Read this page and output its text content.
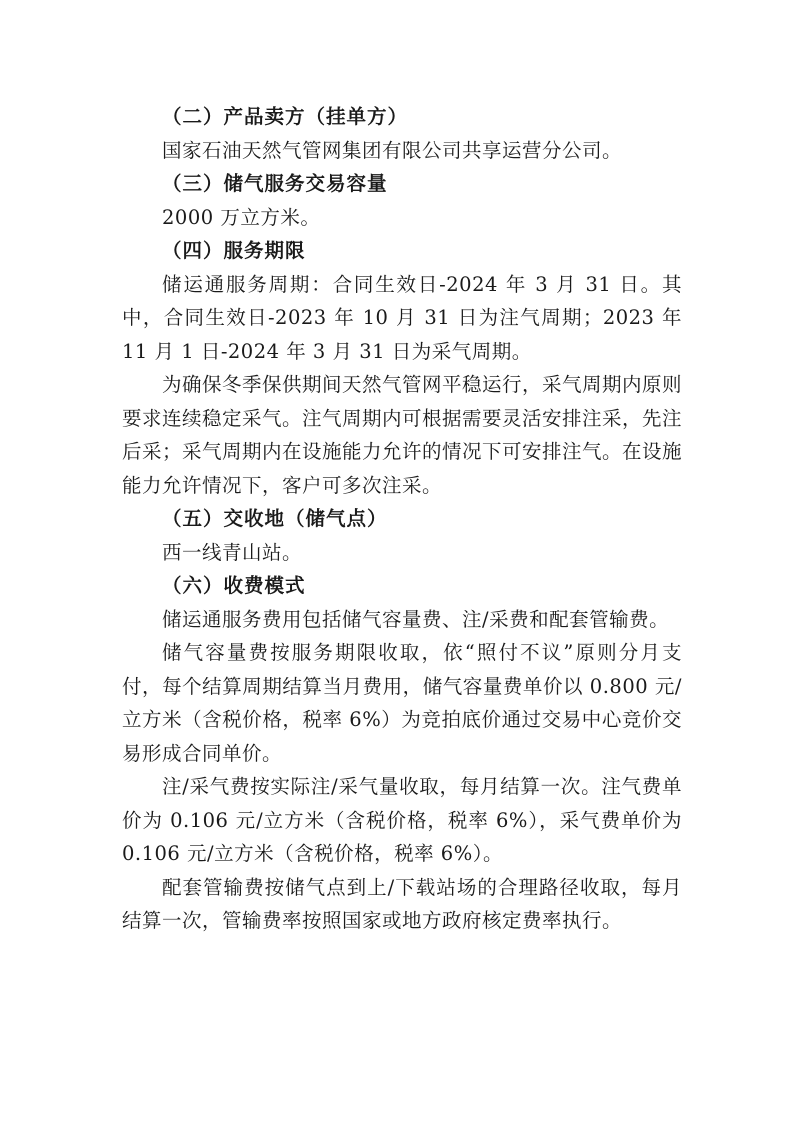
（二）产品卖方（挂单方）

国家石油天然气管网集团有限公司共享运营分公司。

（三）储气服务交易容量

2000 万立方米。

（四）服务期限

储运通服务周期：合同生效日-2024 年 3 月 31 日。其中，合同生效日-2023 年 10 月 31 日为注气周期；2023 年 11 月 1 日-2024 年 3 月 31 日为采气周期。

为确保冬季保供期间天然气管网平稳运行，采气周期内原则要求连续稳定采气。注气周期内可根据需要灵活安排注采，先注后采；采气周期内在设施能力允许的情况下可安排注气。在设施能力允许情况下，客户可多次注采。

（五）交收地（储气点）

西一线青山站。

（六）收费模式

储运通服务费用包括储气容量费、注/采费和配套管输费。

储气容量费按服务期限收取，依“照付不议”原则分月支付，每个结算周期结算当月费用，储气容量费单价以 0.800 元/立方米（含税价格，税率 6%）为竞拍底价通过交易中心竞价交易形成合同单价。

注/采气费按实际注/采气量收取，每月结算一次。注气费单价为 0.106 元/立方米（含税价格，税率 6%），采气费单价为 0.106 元/立方米（含税价格，税率 6%）。

配套管输费按储气点到上/下载站场的合理路径收取，每月结算一次，管输费率按照国家或地方政府核定费率执行。
